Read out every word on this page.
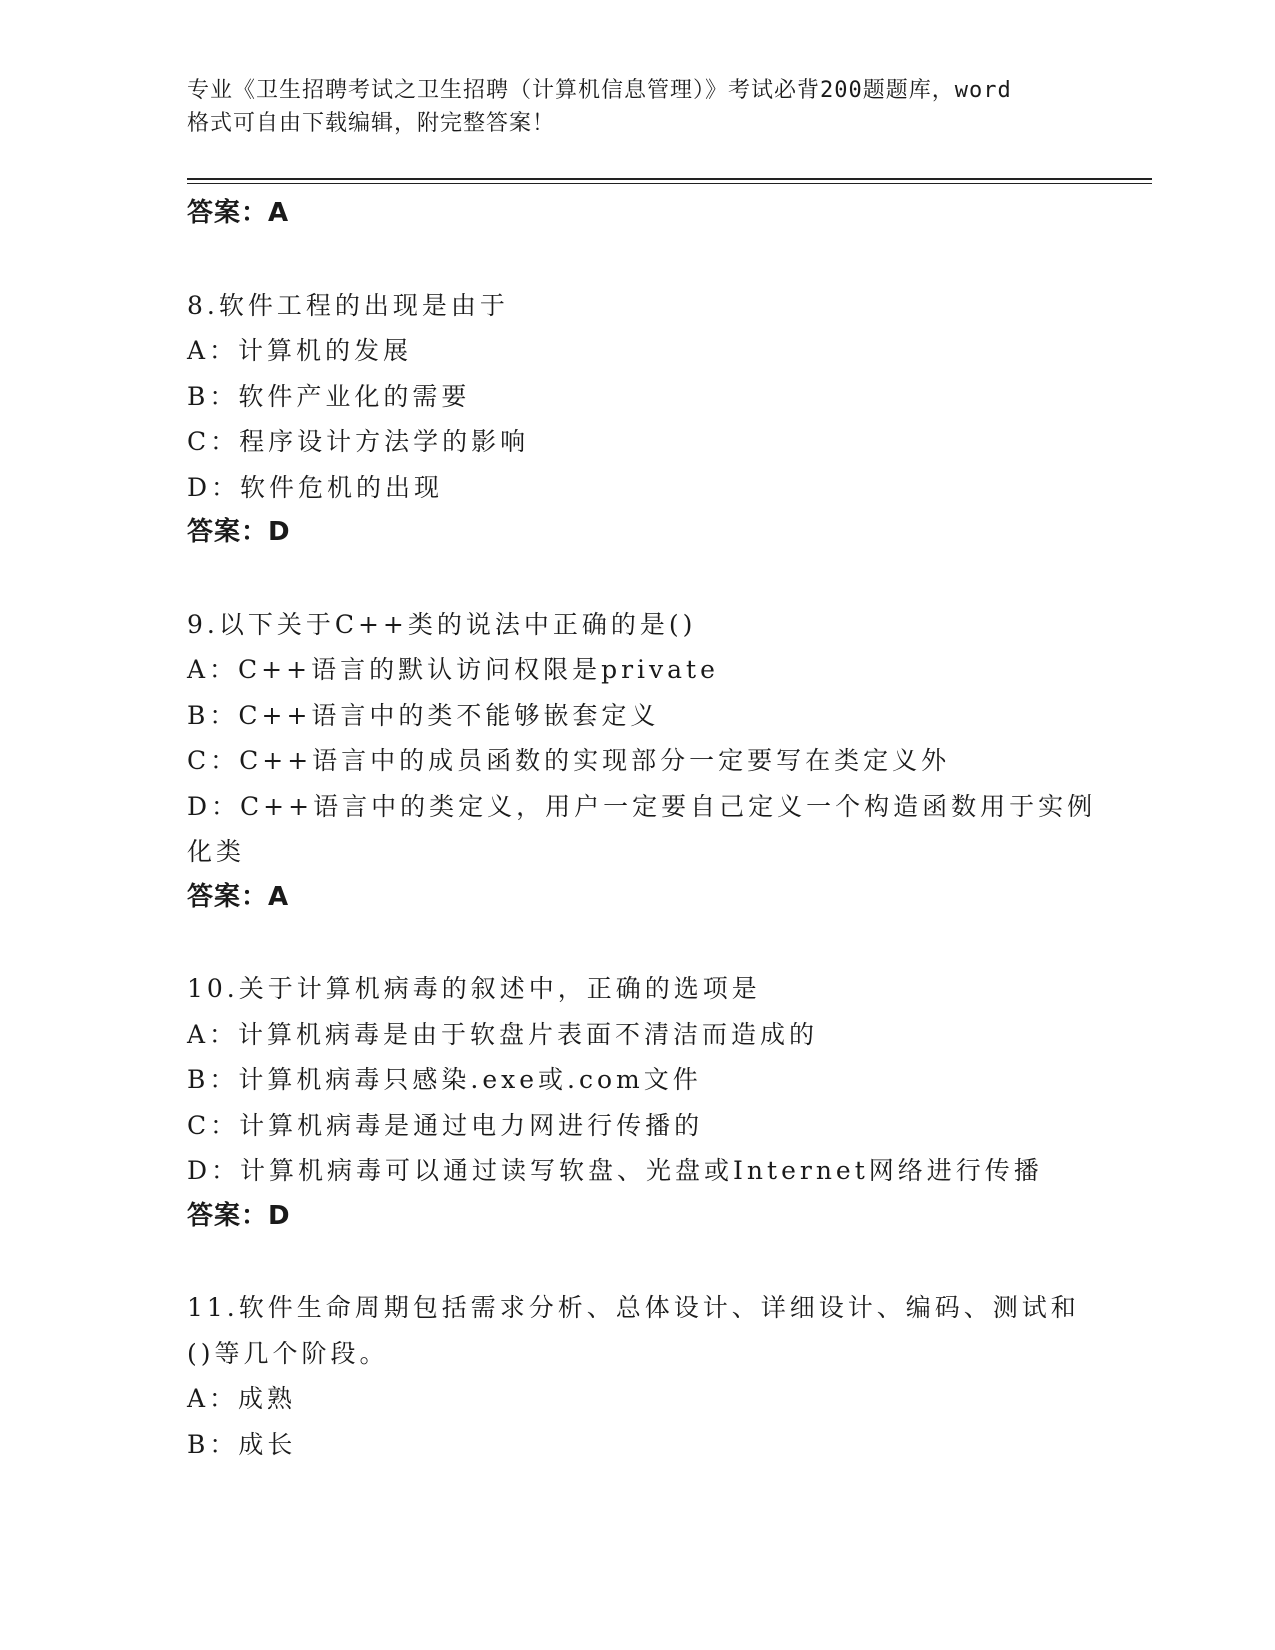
专业《卫生招聘考试之卫生招聘（计算机信息管理）》考试必背200题题库，word
格式可自由下载编辑，附完整答案！
答案：A
8.软件工程的出现是由于
A：计算机的发展
B：软件产业化的需要
C：程序设计方法学的影响
D：软件危机的出现
答案：D
9.以下关于C++类的说法中正确的是()
A：C++语言的默认访问权限是private
B：C++语言中的类不能够嵌套定义
C：C++语言中的成员函数的实现部分一定要写在类定义外
D：C++语言中的类定义，用户一定要自己定义一个构造函数用于实例
化类
答案：A
10.关于计算机病毒的叙述中，正确的选项是
A：计算机病毒是由于软盘片表面不清洁而造成的
B：计算机病毒只感染.exe或.com文件
C：计算机病毒是通过电力网进行传播的
D：计算机病毒可以通过读写软盘、光盘或Internet网络进行传播
答案：D
11.软件生命周期包括需求分析、总体设计、详细设计、编码、测试和
()等几个阶段。
A：成熟
B：成长
